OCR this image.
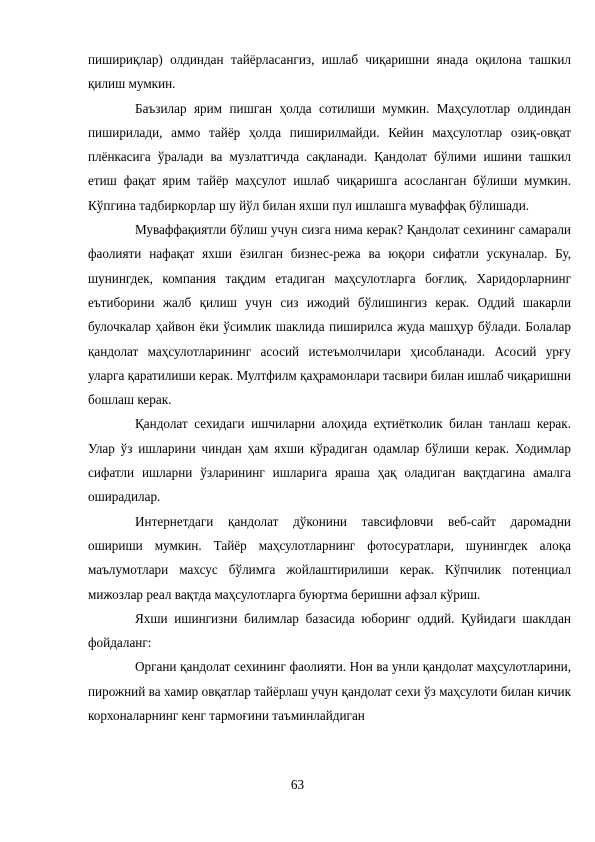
пишириқлар) олдиндан тайёрласангиз, ишлаб чиқаришни янада оқилона ташкил қилиш мумкин.

Баъзилар ярим пишган ҳолда сотилиши мумкин. Маҳсулотлар олдиндан пиширилади, аммо тайёр ҳолда пиширилмайди. Кейин маҳсулотлар озиқ-овқат плёнкасига ўралади ва музлатгичда сақланади. Қандолат бўлими ишини ташкил етиш фақат ярим тайёр маҳсулот ишлаб чиқаришга асосланган бўлиши мумкин. Кўпгина тадбиркорлар шу йўл билан яхши пул ишлашга муваффақ бўлишади.

Муваффақиятли бўлиш учун сизга нима керак? Қандолат сехининг самарали фаолияти нафақат яхши ёзилган бизнес-режа ва юқори сифатли ускуналар. Бу, шунингдек, компания тақдим етадиган маҳсулотларга боғлиқ. Харидорларнинг еътиборини жалб қилиш учун сиз ижодий бўлишингиз керак. Оддий шакарли булочкалар ҳайвон ёки ўсимлик шаклида пиширилса жуда машҳур бўлади. Болалар қандолат маҳсулотларининг асосий истеъмолчилари ҳисобланади. Асосий урғу уларга қаратилиши керак. Мултфилм қаҳрамонлари тасвири билан ишлаб чиқаришни бошлаш керак.

Қандолат сехидаги ишчиларни алоҳида еҳтиётколик билан танлаш керак. Улар ўз ишларини чиндан ҳам яхши кўрадиган одамлар бўлиши керак. Ходимлар сифатли ишларни ўзларининг ишларига яраша ҳақ оладиган вақтдагина амалга оширадилар.

Интернетдаги қандолат дўконини тавсифловчи веб-сайт даромадни ошириши мумкин. Тайёр маҳсулотларнинг фотосуратлари, шунингдек алоқа маълумотлари махсус бўлимга жойлаштирилиши керак. Кўпчилик потенциал мижозлар реал вақтда маҳсулотларга буюртма беришни афзал кўриш.

Яхши ишингизни билимлар базасида юборинг оддий. Қуйидаги шаклдан фойдаланг:

Органи қандолат сехининг фаолияти. Нон ва унли қандолат маҳсулотларини, пирожний ва хамир овқатлар тайёрлаш учун қандолат сехи ўз маҳсулоти билан кичик корхоналарнинг кенг тармоғини таъминлайдиган

63
